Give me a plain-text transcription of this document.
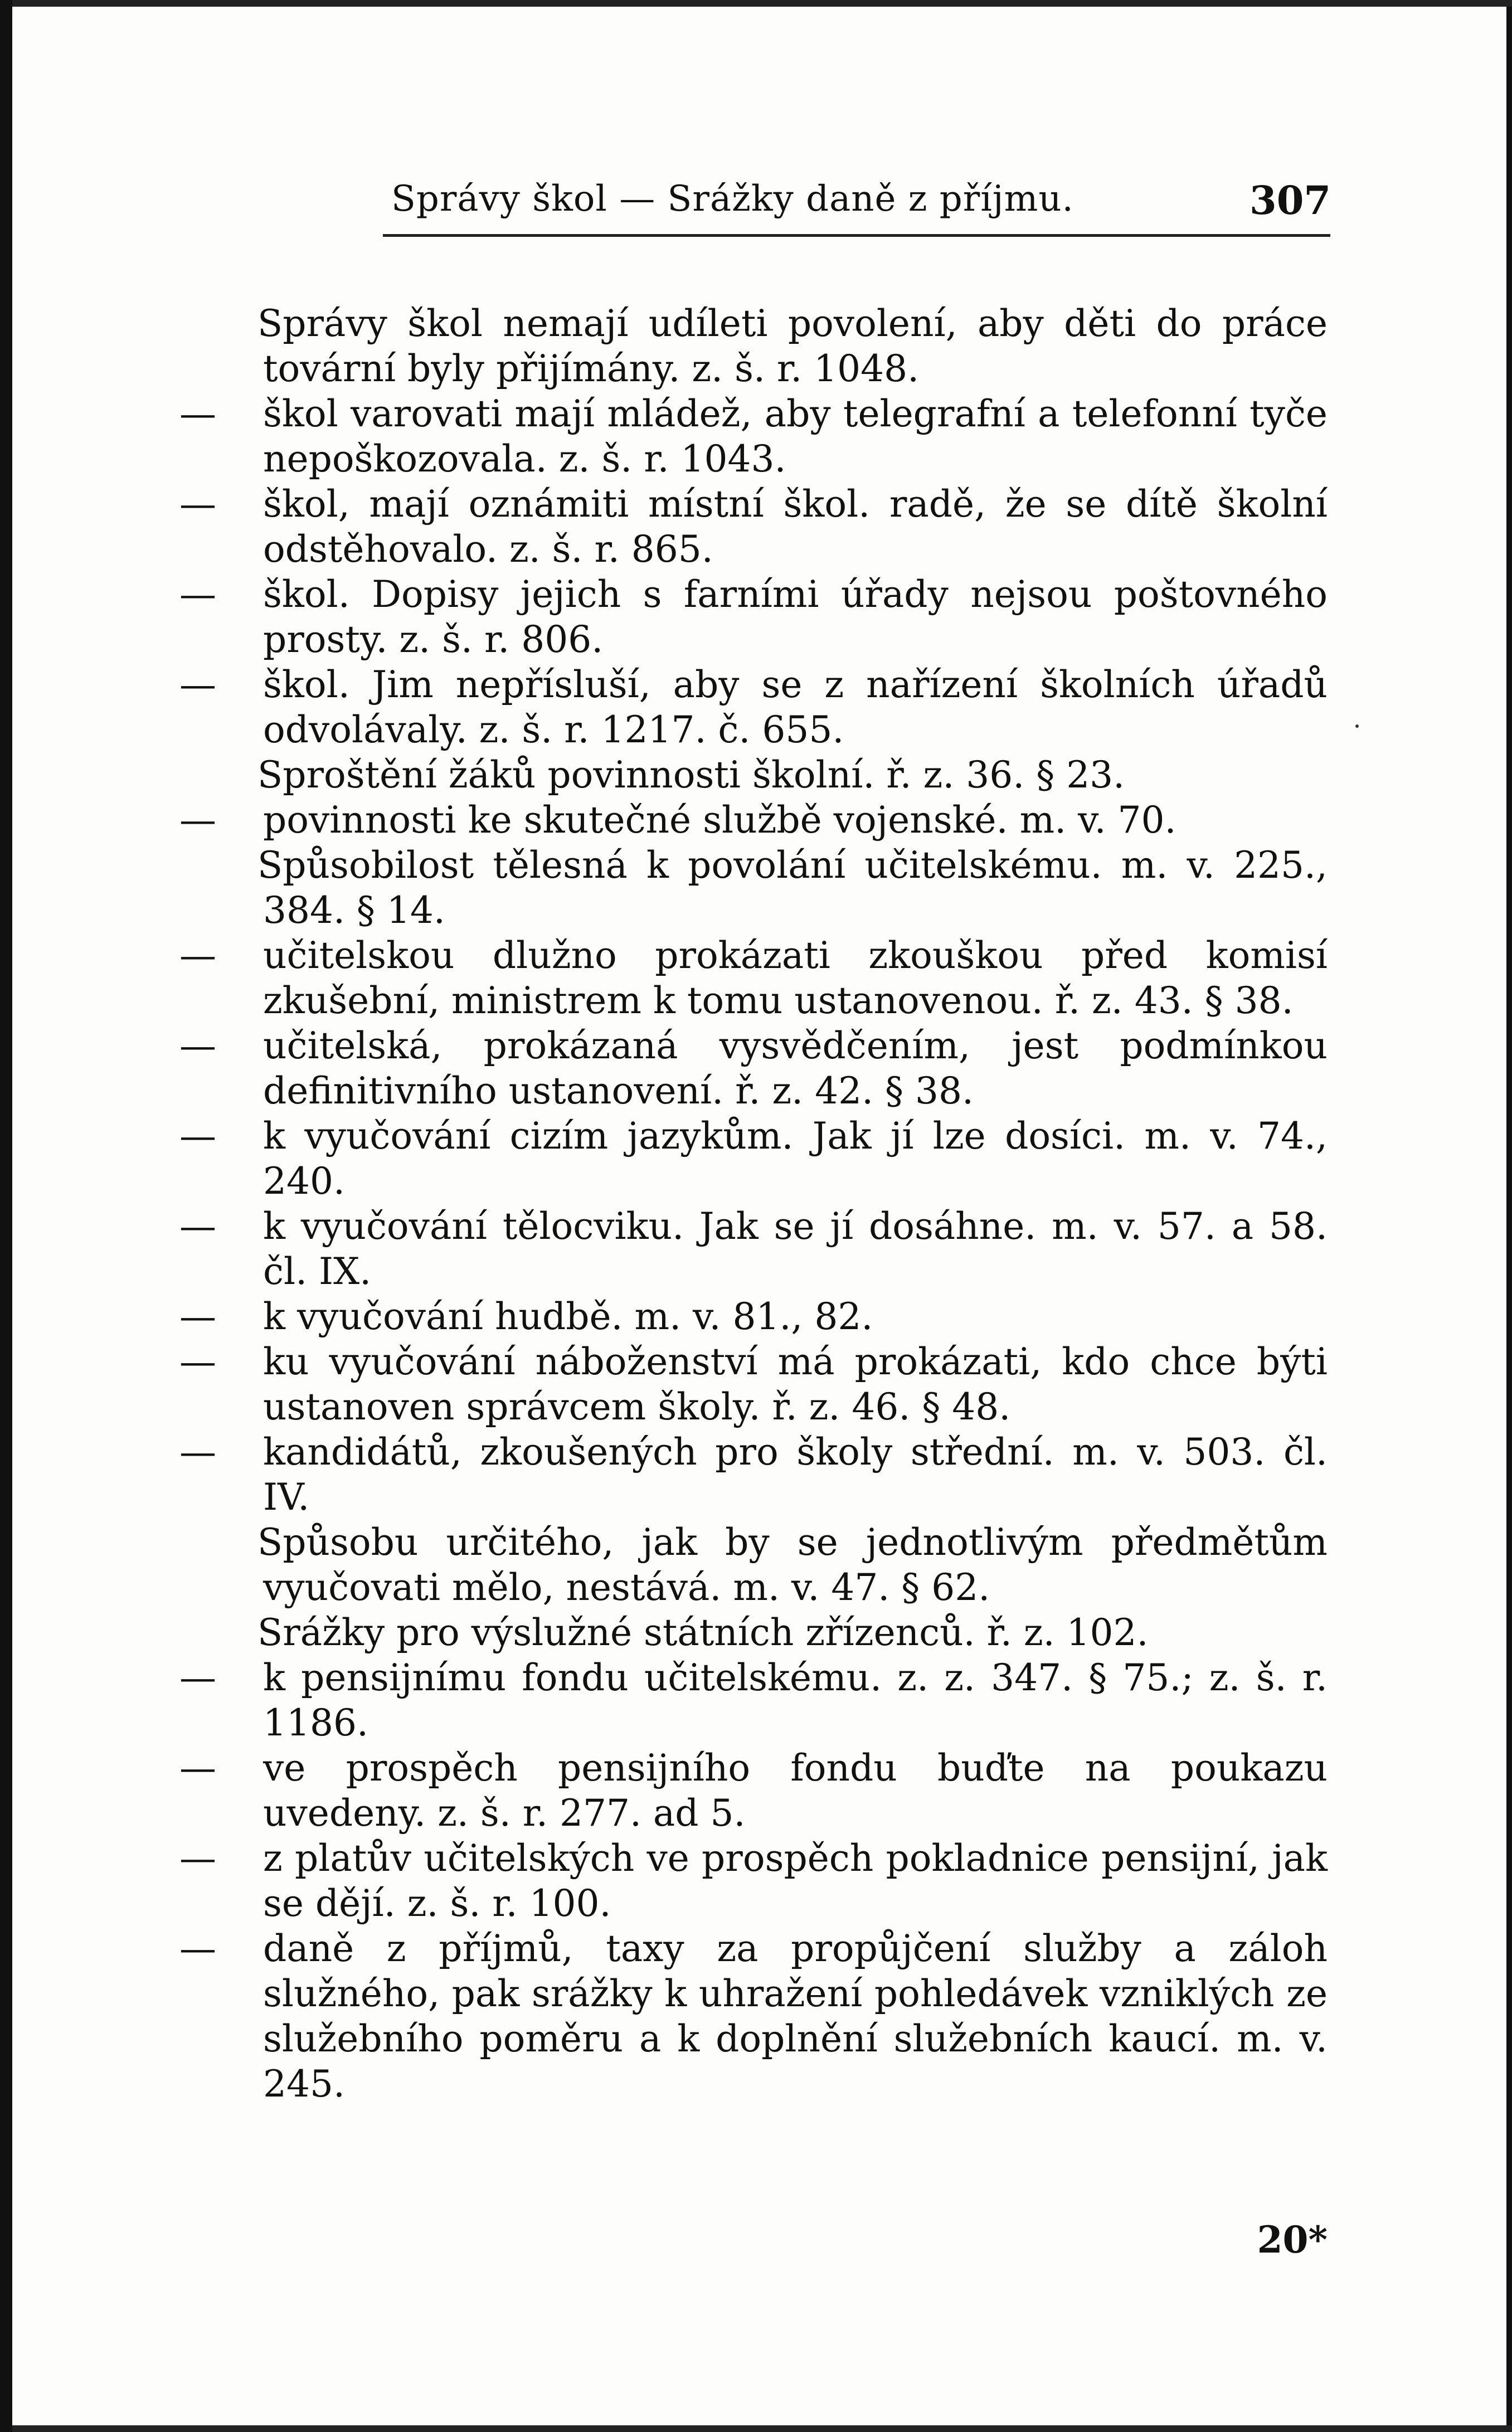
Správy škol — Srážky daně z příjmu.	307

Správy škol nemají udíleti povolení, aby děti do práce tovární byly přijímány. z. š. r. 1048.

— škol varovati mají mládež, aby telegrafní a telefonní tyče nepoškozovala. z. š. r. 1043.

— škol, mají oznámiti místní škol. radě, že se dítě školní odstěhovalo. z. š. r. 865.

— škol. Dopisy jejich s farními úřady nejsou poštovného prosty. z. š. r. 806.

— škol. Jim nepřísluší, aby se z nařízení školních úřadů odvolávaly. z. š. r. 1217. č. 655.

Sproštění žáků povinnosti školní. ř. z. 36. § 23.

— povinnosti ke skutečné službě vojenské. m. v. 70.

Spůsobilost tělesná k povolání učitelskému. m. v. 225., 384. § 14.

— učitelskou dlužno prokázati zkouškou před komisí zkušební, ministrem k tomu ustanovenou. ř. z. 43. § 38.

— učitelská, prokázaná vysvědčením, jest podmínkou definitivního ustanovení. ř. z. 42. § 38.

— k vyučování cizím jazykům. Jak jí lze dosíci. m. v. 74., 240.

— k vyučování tělocviku. Jak se jí dosáhne. m. v. 57. a 58. čl. IX.

— k vyučování hudbě. m. v. 81., 82.

— ku vyučování náboženství má prokázati, kdo chce býti ustanoven správcem školy. ř. z. 46. § 48.

— kandidátů, zkoušených pro školy střední. m. v. 503. čl. IV.

Spůsobu určitého, jak by se jednotlivým předmětům vyučovati mělo, nestává. m. v. 47. § 62.

Srážky pro výslužné státních zřízenců. ř. z. 102.

— k pensijnímu fondu učitelskému. z. z. 347. § 75.; z. š. r. 1186.

— ve prospěch pensijního fondu buďte na poukazu uvedeny. z. š. r. 277. ad 5.

— z platův učitelských ve prospěch pokladnice pensijní, jak se dějí. z. š. r. 100.

— daně z příjmů, taxy za propůjčení služby a záloh služného, pak srážky k uhražení pohledávek vzniklých ze služebního poměru a k doplnění služebních kaucí. m. v. 245.

20*
